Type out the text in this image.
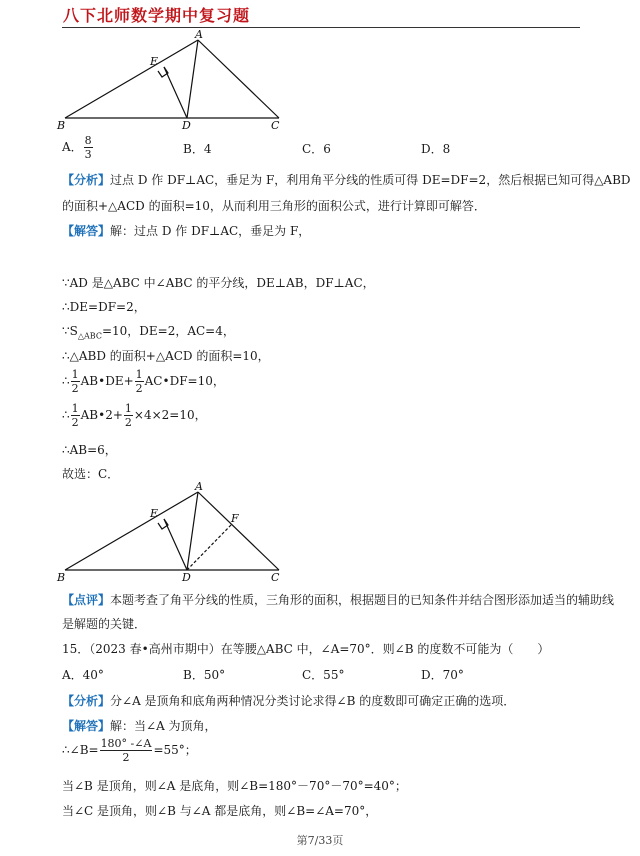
八下北师数学期中复习题
A
B	C
D
E
A． $\frac{8}{3}$	B．4	C．6	D．8
【分析】过点 D 作 DF⊥AC，垂足为 F，利用角平分线的性质可得 DE=DF=2，然后根据已知可得△ABD
的面积+△ACD 的面积=10，从而利用三角形的面积公式，进行计算即可解答．
【解答】解：过点 D 作 DF⊥AC，垂足为 F，
∵AD 是△ABC 中∠ABC 的平分线，DE⊥AB，DF⊥AC，
∴DE=DF=2，
$\because S_{\triangle ABC}=10$，DE=2，AC=4，
∴△ABD 的面积+△ACD 的面积=10，
∴ $\frac{1}{2}$ AB•DE+ $\frac{1}{2}$ AC•DF=10，
∴ $\frac{1}{2}$ AB•2+ $\frac{1}{2} \times 4\times 2=10$，
∴AB=6，
故选：C．
A
B	C
D
E	F
【点评】本题考查了角平分线的性质，三角形的面积，根据题目的已知条件并结合图形添加适当的辅助线
是解题的关键．
15．（2023 春•高州市期中）在等腰△ABC 中，∠A=70°．则∠B 的度数不可能为（　　）
A．40°	B．50°	C．55°	D．70°
【分析】分∠A 是顶角和底角两种情况分类讨论求得∠B 的度数即可确定正确的选项．
【解答】解：当∠A 为顶角，
∴∠B= $\frac{180^\circ -\angle A}{2} =55^\circ$；
当∠B 是顶角，则∠A 是底角，则∠B=180°－70°－70°=40°；
当∠C 是顶角，则∠B 与∠A 都是底角，则∠B=∠A=70°，
第7/33页
